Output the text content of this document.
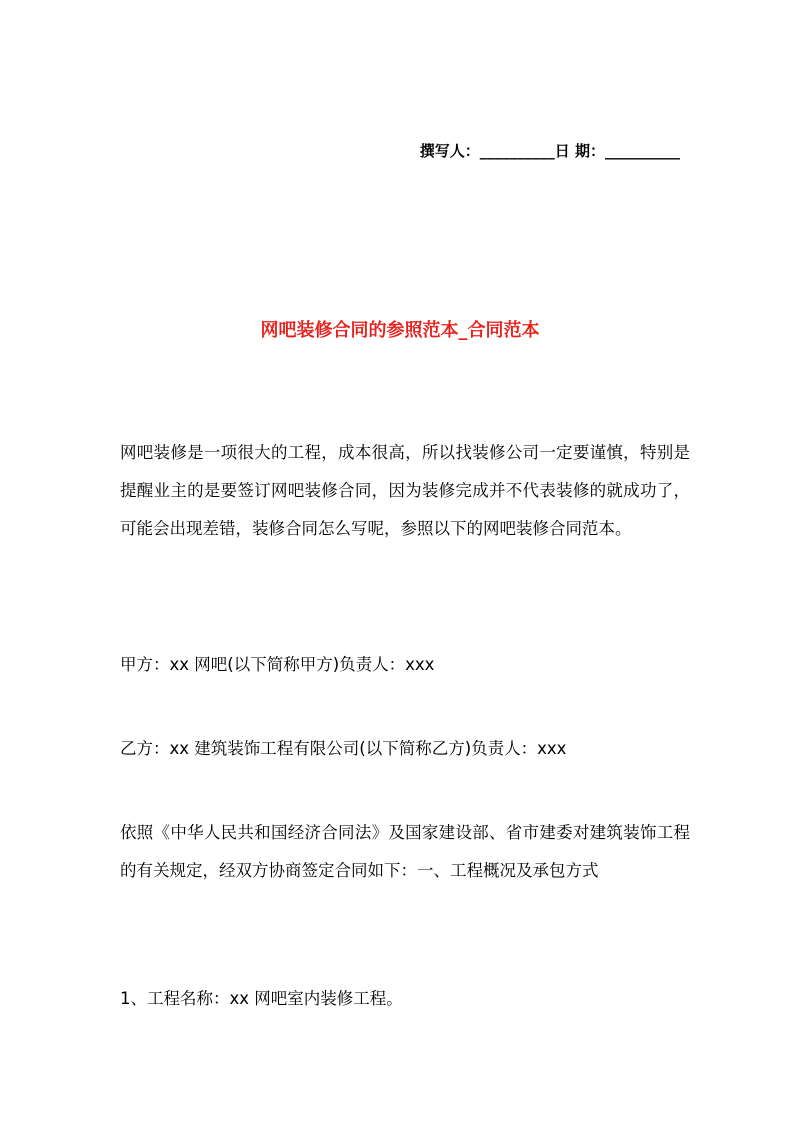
撰写人：__________日 期：__________
网吧装修合同的参照范本_合同范本

网吧装修是一项很大的工程，成本很高，所以找装修公司一定要谨慎，特别是提醒业主的是要签订网吧装修合同，因为装修完成并不代表装修的就成功了，可能会出现差错，装修合同怎么写呢，参照以下的网吧装修合同范本。

甲方：xx 网吧(以下简称甲方)负责人：xxx

乙方：xx 建筑装饰工程有限公司(以下简称乙方)负责人：xxx

依照《中华人民共和国经济合同法》及国家建设部、省市建委对建筑装饰工程的有关规定，经双方协商签定合同如下：一、工程概况及承包方式

1、工程名称：xx 网吧室内装修工程。
